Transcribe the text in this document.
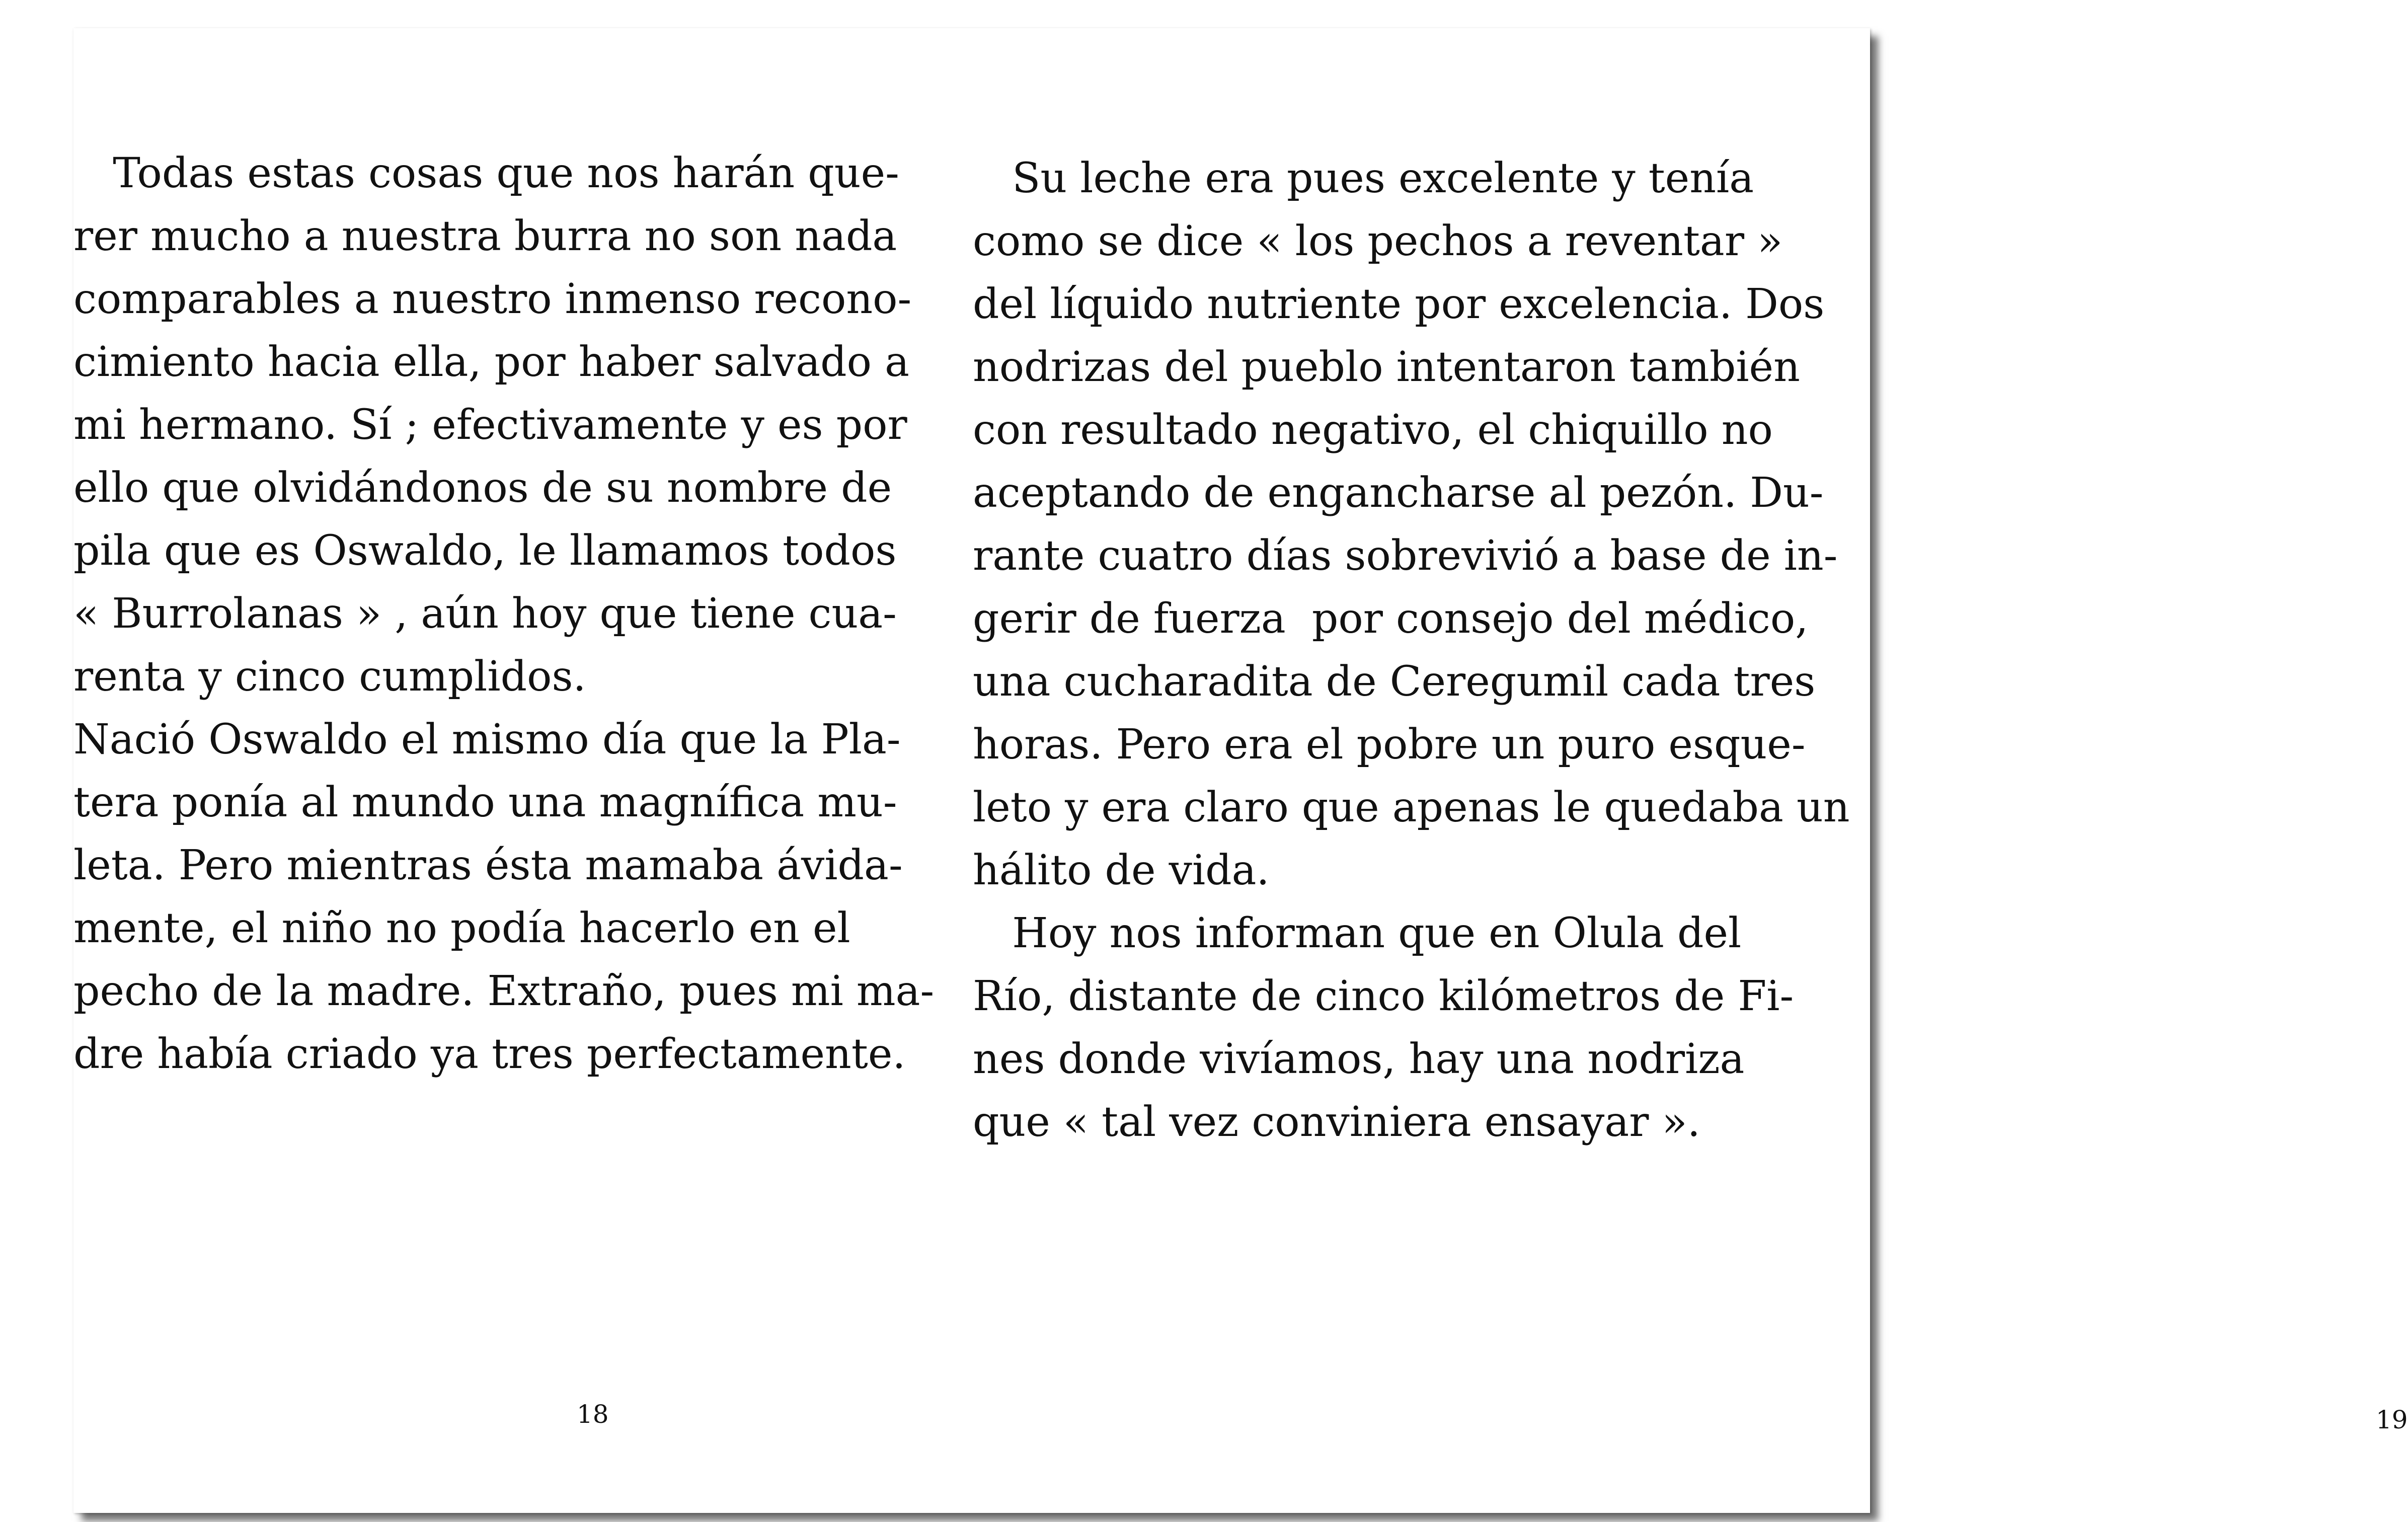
18	19
Todas estas cosas que nos harán que-
rer mucho a nuestra burra no son nada
comparables a nuestro inmenso recono-
cimiento hacia ella, por haber salvado a
mi hermano. Sí ; efectivamente y es por
ello que olvidándonos de su nombre de
pila que es Oswaldo, le llamamos todos
« Burrolanas » , aún hoy que tiene cua-
renta y cinco cumplidos.
Nació Oswaldo el mismo día que la Pla-
tera ponía al mundo una magnífica mu-
leta. Pero mientras ésta mamaba ávida-
mente, el niño no podía hacerlo en el
pecho de la madre. Extraño, pues mi ma-
dre había criado ya tres perfectamente.
Su leche era pues excelente y tenía
como se dice « los pechos a reventar »
del líquido nutriente por excelencia. Dos
nodrizas del pueblo intentaron también
con resultado negativo, el chiquillo no
aceptando de engancharse al pezón. Du-
rante cuatro días sobrevivió a base de in-
gerir de fuerza  por consejo del médico,
una cucharadita de Ceregumil cada tres
horas. Pero era el pobre un puro esque-
leto y era claro que apenas le quedaba un
hálito de vida.
Hoy nos informan que en Olula del
Río, distante de cinco kilómetros de Fi-
nes donde vivíamos, hay una nodriza
que « tal vez conviniera ensayar ».
